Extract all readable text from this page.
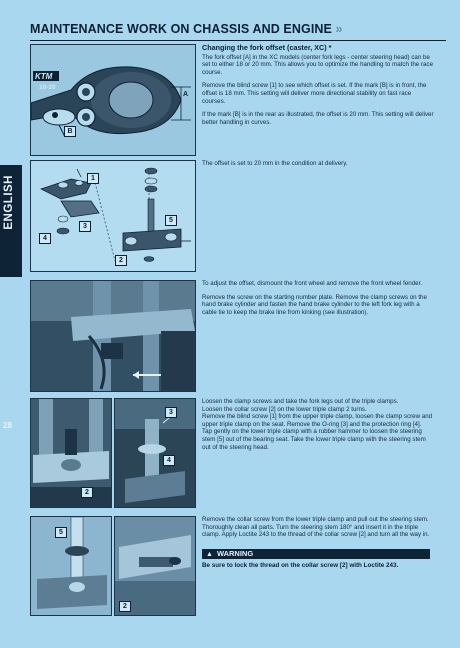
MAINTENANCE WORK ON CHASSIS AND ENGINE »
ENGLISH
28
KTM
10-20
B
A
Changing the fork offset (caster, XC) *

The fork offset [A] in the XC models (center fork legs - center steering head) can be set to either 18 or 20 mm. This allows you to optimize the handling to match the race course.

Remove the blind screw [1] to see which offset is set. If the mark [B] is in front, the offset is 18 mm. This setting will deliver more directional stability on fast race courses.

If the mark [B] is in the rear as illustrated, the offset is 20 mm. This setting will deliver better handling in curves.

1
3
4
5
2

The offset is set to 20 mm in the condition at delivery.

To adjust the offset, dismount the front wheel and remove the front wheel fender.

Remove the screw on the starting number plate. Remove the clamp screws on the hand brake cylinder and fasten the hand brake cylinder to the left fork leg with a cable tie to keep the brake line from kinking (see illustration).

2
3
4

Loosen the clamp screws and take the fork legs out of the triple clamps.

Loosen the collar screw [2] on the lower triple clamp 2 turns.

Remove the blind screw [1] from the upper triple clamp, loosen the clamp screw and upper triple clamp on the seat. Remove the O-ring [3] and the protection ring [4].

Tap gently on the lower triple clamp with a rubber hammer to loosen the steering stem [5] out of the bearing seat. Take the lower triple clamp with the steering stem out of the steering head.

5
2

Remove the collar screw from the lower triple clamp and pull out the steering stem. Thoroughly clean all parts. Turn the steering stem 180° and insert it in the triple clamp. Apply Loctite 243 to the thread of the collar screw [2] and turn all the way in.

▲ WARNING
Be sure to lock the thread on the collar screw [2] with Loctite 243.
